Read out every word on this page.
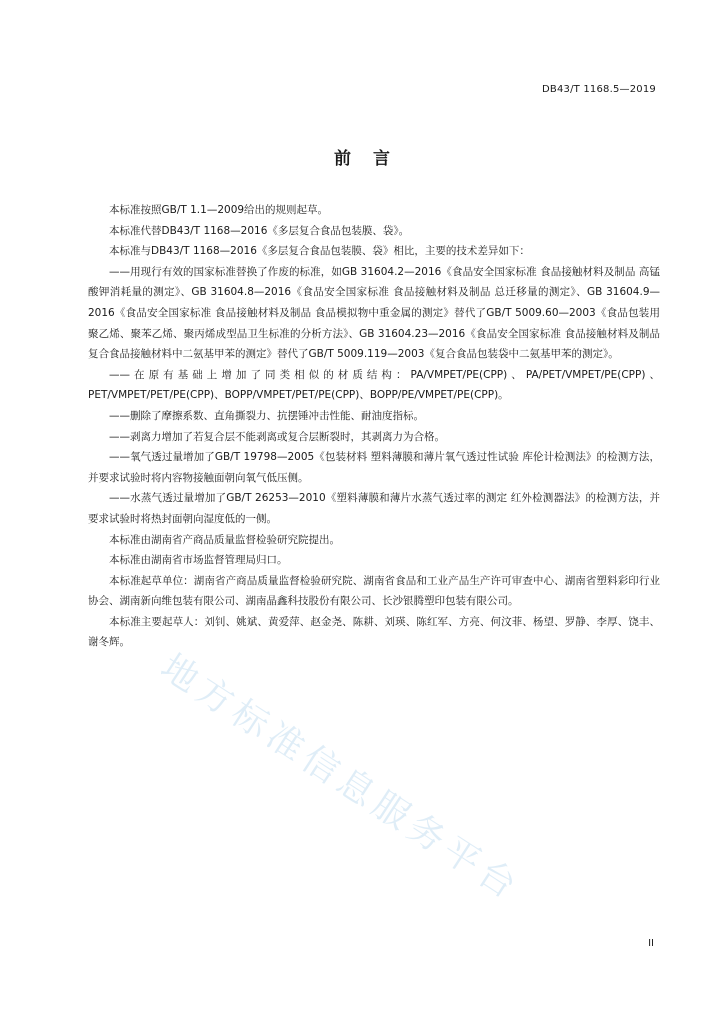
DB43/T 1168.5—2019
前言

本标准按照GB/T 1.1—2009给出的规则起草。

本标准代替DB43/T 1168—2016《多层复合食品包装膜、袋》。

本标准与DB43/T 1168—2016《多层复合食品包装膜、袋》相比，主要的技术差异如下：

——用现行有效的国家标准替换了作废的标准，如GB 31604.2—2016《食品安全国家标准 食品接触材料及制品 高锰酸钾消耗量的测定》、GB 31604.8—2016《食品安全国家标准 食品接触材料及制品 总迁移量的测定》、GB 31604.9—2016《食品安全国家标准 食品接触材料及制品 食品模拟物中重金属的测定》替代了GB/T 5009.60—2003《食品包装用聚乙烯、聚苯乙烯、聚丙烯成型品卫生标准的分析方法》、GB 31604.23—2016《食品安全国家标准 食品接触材料及制品 复合食品接触材料中二氨基甲苯的测定》替代了GB/T 5009.119—2003《复合食品包装袋中二氨基甲苯的测定》。

——在原有基础上增加了同类相似的材质结构：PA/VMPET/PE(CPP)、PA/PET/VMPET/PE(CPP)、PET/VMPET/PET/PE(CPP)、BOPP/VMPET/PET/PE(CPP)、BOPP/PE/VMPET/PE(CPP)。

——删除了摩擦系数、直角撕裂力、抗摆锤冲击性能、耐油度指标。

——剥离力增加了若复合层不能剥离或复合层断裂时，其剥离力为合格。

——氧气透过量增加了GB/T 19798—2005《包装材料 塑料薄膜和薄片氧气透过性试验 库伦计检测法》的检测方法，并要求试验时将内容物接触面朝向氧气低压侧。

——水蒸气透过量增加了GB/T 26253—2010《塑料薄膜和薄片水蒸气透过率的测定 红外检测器法》的检测方法，并要求试验时将热封面朝向湿度低的一侧。

本标准由湖南省产商品质量监督检验研究院提出。

本标准由湖南省市场监督管理局归口。

本标准起草单位：湖南省产商品质量监督检验研究院、湖南省食品和工业产品生产许可审查中心、湖南省塑料彩印行业协会、湖南新向维包装有限公司、湖南晶鑫科技股份有限公司、长沙银腾塑印包装有限公司。

本标准主要起草人：刘钊、姚斌、黄爱萍、赵金尧、陈耕、刘瑛、陈红军、方亮、何汶菲、杨望、罗静、李厚、饶丰、谢冬辉。

地方标准信息服务平台
II
